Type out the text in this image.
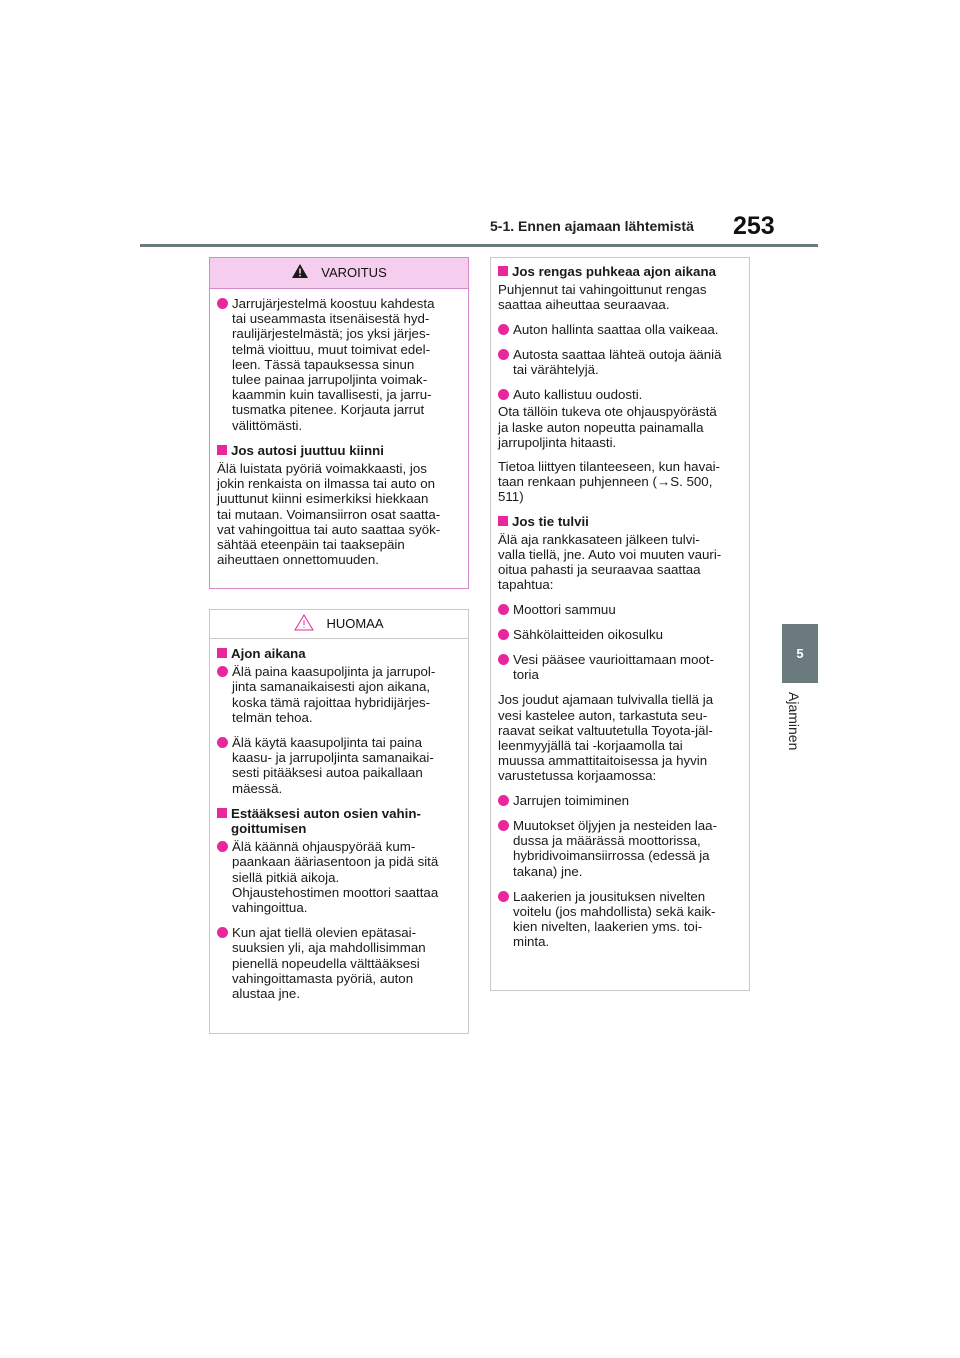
5-1. Ennen ajamaan lähtemistä 253
5
Ajaminen
VAROITUS
Jarrujärjestelmä koostuu kahdesta
tai useammasta itsenäisestä hyd-
raulijärjestelmästä; jos yksi järjes-
telmä vioittuu, muut toimivat edel-
leen. Tässä tapauksessa sinun
tulee painaa jarrupoljinta voimak-
kaammin kuin tavallisesti, ja jarru-
tusmatka pitenee. Korjauta jarrut
välittömästi.
Jos autosi juuttuu kiinni
Älä luistata pyöriä voimakkaasti, jos
jokin renkaista on ilmassa tai auto on
juuttunut kiinni esimerkiksi hiekkaan
tai mutaan. Voimansiirron osat saatta-
vat vahingoittua tai auto saattaa syök-
sähtää eteenpäin tai taaksepäin
aiheuttaen onnettomuuden.
HUOMAA
Ajon aikana
Älä paina kaasupoljinta ja jarrupol-
jinta samanaikaisesti ajon aikana,
koska tämä rajoittaa hybridijärjes-
telmän tehoa.
Älä käytä kaasupoljinta tai paina
kaasu- ja jarrupoljinta samanaikai-
sesti pitääksesi autoa paikallaan
mäessä.
Estääksesi auton osien vahin-
goittumisen
Älä käännä ohjauspyörää kum-
paankaan ääriasentoon ja pidä sitä
siellä pitkiä aikoja.
Ohjaustehostimen moottori saattaa
vahingoittua.
Kun ajat tiellä olevien epätasai-
suuksien yli, aja mahdollisimman
pienellä nopeudella välttääksesi
vahingoittamasta pyöriä, auton
alustaa jne.
Jos rengas puhkeaa ajon aikana
Puhjennut tai vahingoittunut rengas
saattaa aiheuttaa seuraavaa.
Auton hallinta saattaa olla vaikeaa.
Autosta saattaa lähteä outoja ääniä
tai värähtelyjä.
Auto kallistuu oudosti.
Ota tällöin tukeva ote ohjauspyörästä
ja laske auton nopeutta painamalla
jarrupoljinta hitaasti.
Tietoa liittyen tilanteeseen, kun havai-
taan renkaan puhjenneen (→S. 500,
511)
Jos tie tulvii
Älä aja rankkasateen jälkeen tulvi-
valla tiellä, jne. Auto voi muuten vauri-
oitua pahasti ja seuraavaa saattaa
tapahtua:
Moottori sammuu
Sähkölaitteiden oikosulku
Vesi pääsee vaurioittamaan moot-
toria
Jos joudut ajamaan tulvivalla tiellä ja
vesi kastelee auton, tarkastuta seu-
raavat seikat valtuutetulla Toyota-jäl-
leenmyyjällä tai -korjaamolla tai
muussa ammattitaitoisessa ja hyvin
varustetussa korjaamossa:
Jarrujen toimiminen
Muutokset öljyjen ja nesteiden laa-
dussa ja määrässä moottorissa,
hybridivoimansiirrossa (edessä ja
takana) jne.
Laakerien ja jousituksen nivelten
voitelu (jos mahdollista) sekä kaik-
kien nivelten, laakerien yms. toi-
minta.
